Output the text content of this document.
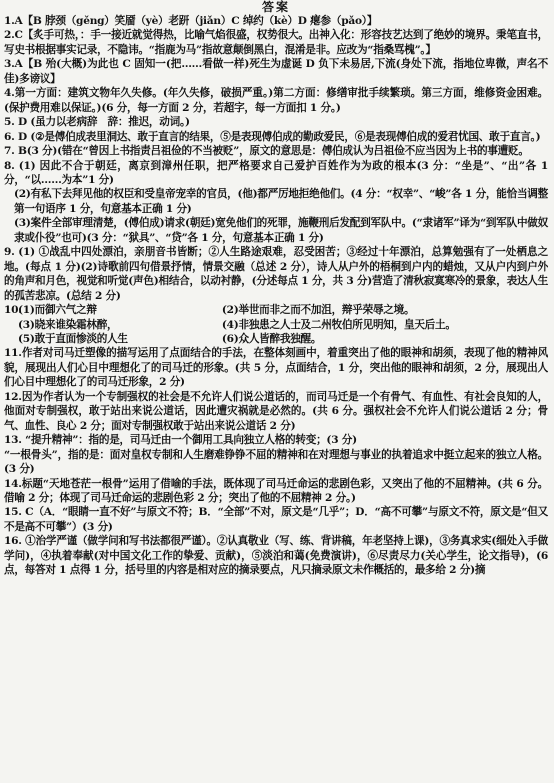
答案

1.A【B 脖颈（gěng）笑靥（yè）老趼（jiǎn）C 绰约（kè）D 瘪参（pǎo）】

2.C【炙手可热，：手一接近就觉得热，比喻气焰很盛，权势很大。出神入化：形容技艺达到了绝妙的境界。秉笔直书，写史书根据事实记录，不隐讳。“指鹿为马”指故意颠倒黑白，混淆是非。应改为“指桑骂槐”。】

3.A【B 殆(大概)为此也 C 固知一(把……看做一样)死生为虚诞 D 负下未易居,下流(身处下流，指地位卑微，声名不佳)多谤议】

4.第一方面：建筑文物年久失修。(年久失修，破损严重。)第二方面：修缮审批手续繁琐。第三方面，维修资金困难。(保护费用难以保证。)(6 分，每一方面 2 分，若超字，每一方面扣 1 分。)

5. D (虽力以老病辞　辞：推迟，动词。)

6. D (②是傅伯成表里洞达、敢于直言的结果，⑤是表现傅伯成的勤政爱民，⑥是表现傅伯成的爱君忧国、敢于直言。)

7. B(3 分)(错在“曾因上书指责吕祖俭的不当被贬”，原文的意思是：傅伯成认为吕祖俭不应当因为上书的事遭贬。

8. (1) 因此不合于朝廷，离京到漳州任职，把严格要求自己爱护百姓作为为政的根本(3 分：“坐是”、“出”各 1 分，“以……为本”1 分)

(2)有私下去拜见他的权臣和受皇帝宠幸的官员，(他)都严厉地拒绝他们。(4 分：“权幸”、“峻”各 1 分，能恰当调整第一句语序 1 分，句意基本正确 1 分)

(3)案件全部审理清楚，(傅伯成)请求(朝廷)宽免他们的死罪，施鞭刑后发配到军队中。(“隶诸军”译为“到军队中做奴隶或仆役”也可)(3 分：“狱具”、“贷”各 1 分，句意基本正确 1 分)

9. (1) ①战乱中四处漂泊，亲朋音书皆断；②人生路途艰难，忍受困苦；③经过十年漂泊，总算勉强有了一处栖息之地。(每点 1 分)(2)诗歌前四句借景抒情，情景交融（总述 2 分），诗人从户外的梧桐到户内的蜡烛，又从户内到户外的角声和月色，视觉和听觉(声色)相结合，以动衬静，(分述每点 1 分，共 3 分)营造了清秋寂寞寒冷的景象，表达人生的孤苦悲凉。(总结 2 分)

10.
(1)而御六气之辩	(2)举世而非之而不加沮，辩乎荣辱之境。
(3)晓来谁染霜林醉，	(4)非独患之人士及二州牧伯所见明知，皇天后土。
(5)敢于直面惨淡的人生	(6)众人皆醉我独醒。

11.作者对司马迁塑像的描写运用了点面结合的手法，在整体刻画中，着重突出了他的眼神和胡须，表现了他的精神风貌，展现出人们心目中理想化了的司马迁的形象。(共 5 分，点面结合，1 分，突出他的眼神和胡须，2 分，展现出人们心目中理想化了的司马迁形象，2 分)

12.因为作者认为一个专制强权的社会是不允许人们说公道话的，而司马迁是一个有骨气、有血性、有社会良知的人，他面对专制强权，敢于站出来说公道话，因此遭灾祸就是必然的。(共 6 分。强权社会不允许人们说公道话 2 分；骨气、血性、良心 2 分；面对专制强权敢于站出来说公道话 2 分)

13. “提升精神”：指的是，司马迁由一个御用工具向独立人格的转变；(3 分)

“一根骨头”，指的是：面对皇权专制和人生磨难铮铮不屈的精神和在对理想与事业的执着追求中挺立起来的独立人格。(3 分)

14.标题“天地苍茫一根骨”运用了借喻的手法，既体现了司马迁命运的悲剧色彩，又突出了他的不屈精神。(共 6 分。借喻 2 分；体现了司马迁命运的悲剧色彩 2 分；突出了他的不屈精神 2 分。)

15. C（A．“眼睛一直不好”与原文不符；B．“全部”不对，原文是“几乎”；D．“高不可攀”与原文不符，原文是“但又不是高不可攀”）(3 分)

16. ①治学严谨（做学问和写书法都很严谨）。②认真敬业（写、练、背讲稿，年老坚持上课)，③务真求实(细处入手做学问)，④执着奉献(对中国文化工作的挚爱、贡献)，⑤淡泊和蔼(免费演讲)，⑥尽责尽力(关心学生，论文指导)，(6 点，每答对 1 点得 1 分，括号里的内容是相对应的摘录要点，凡只摘录原文未作概括的，最多给 2 分)摘
